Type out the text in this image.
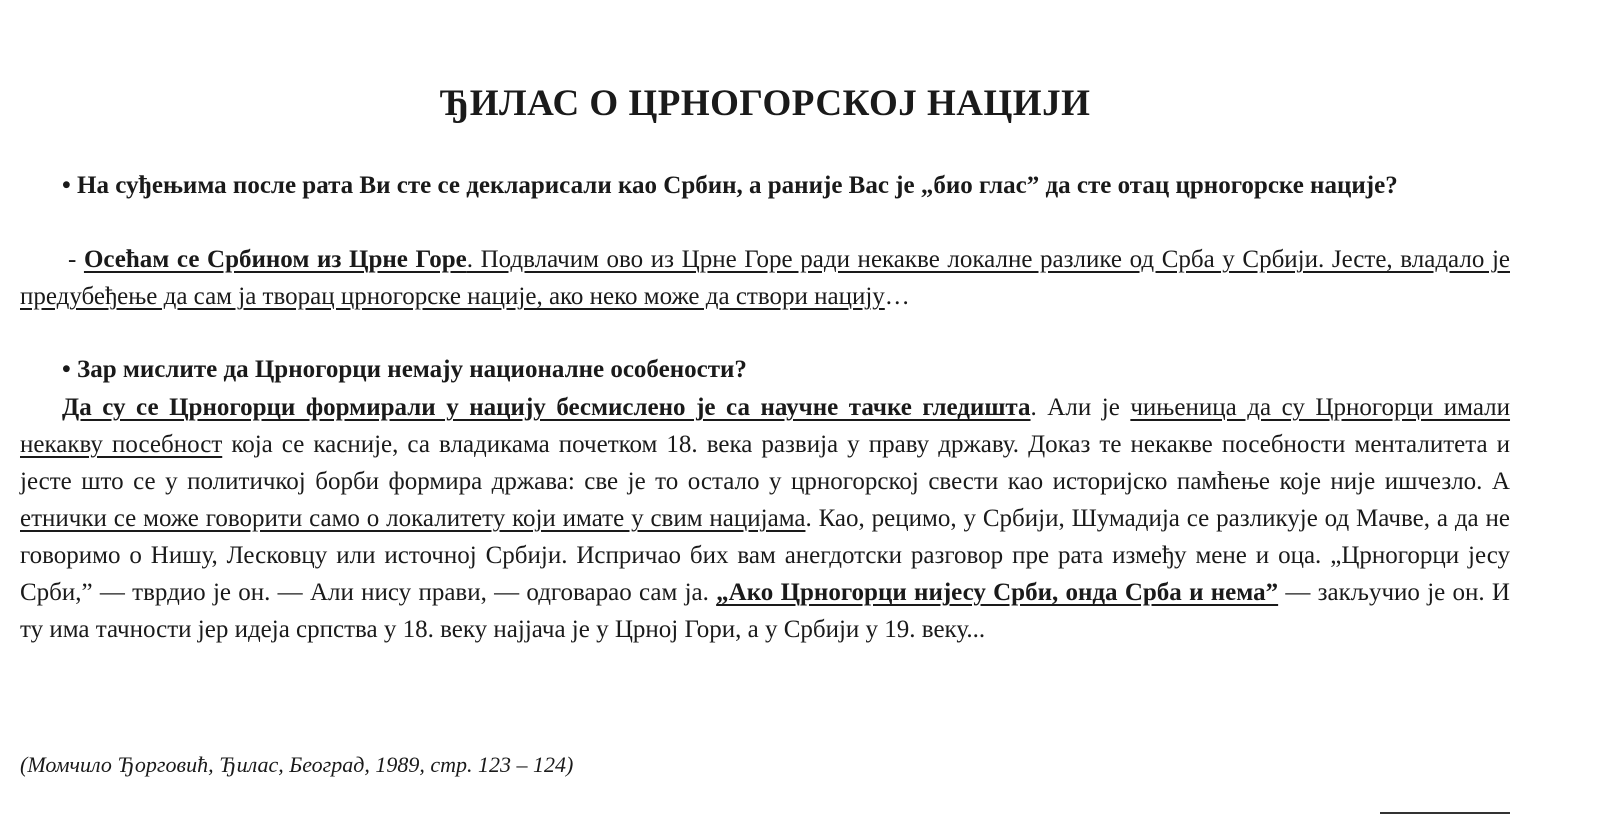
ЂИЛАС О ЦРНОГОРСКОЈ НАЦИЈИ

• На суђењима после рата Ви сте се декларисали као Србин, а раније Вас је „био глас” да сте отац црногорске нације?

- Осећам се Србином из Црне Горе. Подвлачим ово из Црне Горе ради некакве локалне разлике од Срба у Србији. Јесте, владало је предубеђење да сам ја творац црногорске нације, ако неко може да створи нацију…

• Зар мислите да Црногорци немају националне особености?

Да су се Црногорци формирали у нацију бесмислено је са научне тачке гледишта. Али је чињеница да су Црногорци имали некакву посебност која се касније, са владикама почетком 18. века развија у праву државу. Доказ те некакве посебности менталитета и јесте што се у политичкој борби формира држава: све је то остало у црногорској свести као историјско памћење које није ишчезло. А етнички се може говорити само о локалитету који имате у свим нацијама. Као, рецимо, у Србији, Шумадија се разликује од Мачве, а да не говоримо о Нишу, Лесковцу или источној Србији. Испричао бих вам анегдотски разговор пре рата између мене и оца. „Црногорци јесу Срби,” — тврдио је он. — Али нису прави, — одговарао сам ја. „Ако Црногорци нијесу Срби, онда Срба и нема” — закључио је он. И ту има тачности јер идеја српства у 18. веку најјача је у Црној Гори, а у Србији у 19. веку...

(Момчило Ђорговић, Ђилас, Београд, 1989, стр. 123 – 124)
